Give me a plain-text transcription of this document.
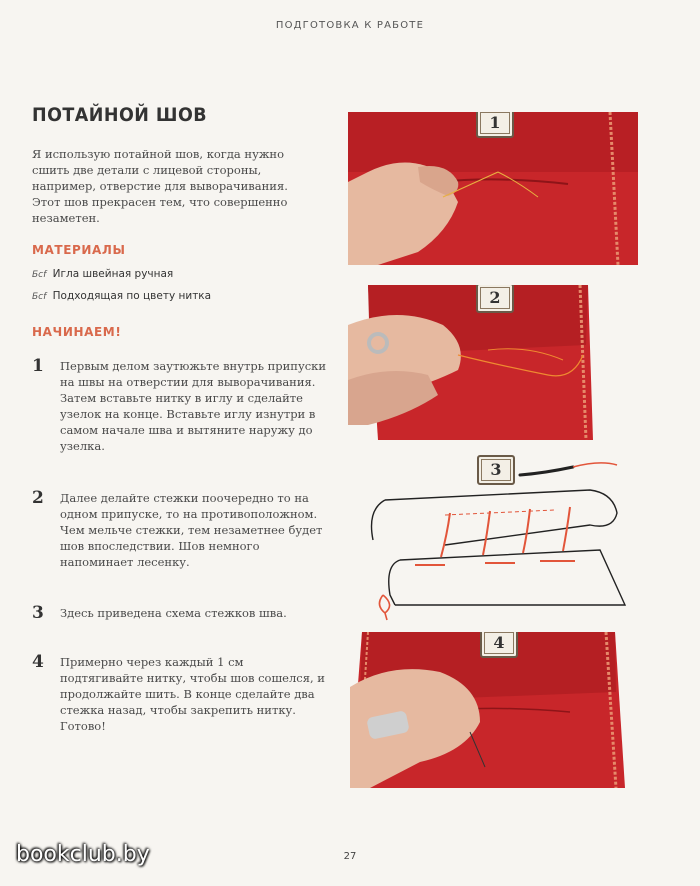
ПОДГОТОВКА К РАБОТЕ
ПОТАЙНОЙ ШОВ
Я использую потайной шов, когда нужно сшить две детали с лицевой стороны, например, отверстие для выворачивания. Этот шов прекрасен тем, что совершенно незаметен.
МАТЕРИАЛЫ
Бсf Игла швейная ручная
Бсf Подходящая по цвету нитка
НАЧИНАЕМ!
1 Первым делом заутюжьте внутрь припуски на швы на отверстии для выворачивания. Затем вставьте нитку в иглу и сделайте узелок на конце. Вставьте иглу изнутри в самом начале шва и вытяните наружу до узелка.
2 Далее делайте стежки поочередно то на одном припуске, то на противоположном. Чем мельче стежки, тем незаметнее будет шов впоследствии. Шов немного напоминает лесенку.
3 Здесь приведена схема стежков шва.
4 Примерно через каждый 1 см подтягивайте нитку, чтобы шов сошелся, и продолжайте шить. В конце сделайте два стежка назад, чтобы закрепить нитку. Готово!
1
2
3
4
bookclub.by	27
